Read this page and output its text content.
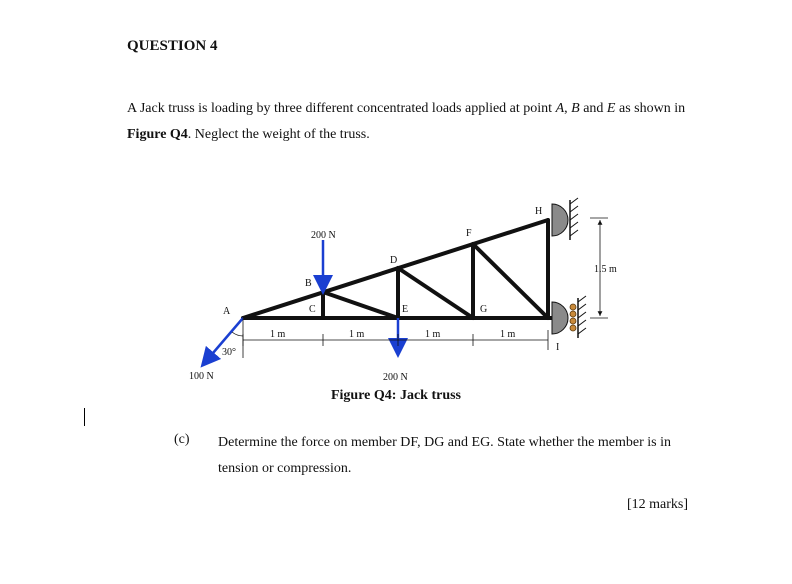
QUESTION 4
A Jack truss is loading by three different concentrated loads applied at point A, B and E as shown in Figure Q4. Neglect the weight of the truss.
A
B
C
D
E
F
G
H
I
200 N
200 N
100 N
30°
1 m	1 m	1 m	1 m
1.5 m
Figure Q4: Jack truss
(c) Determine the force on member DF, DG and EG. State whether the member is in tension or compression.
[12 marks]
